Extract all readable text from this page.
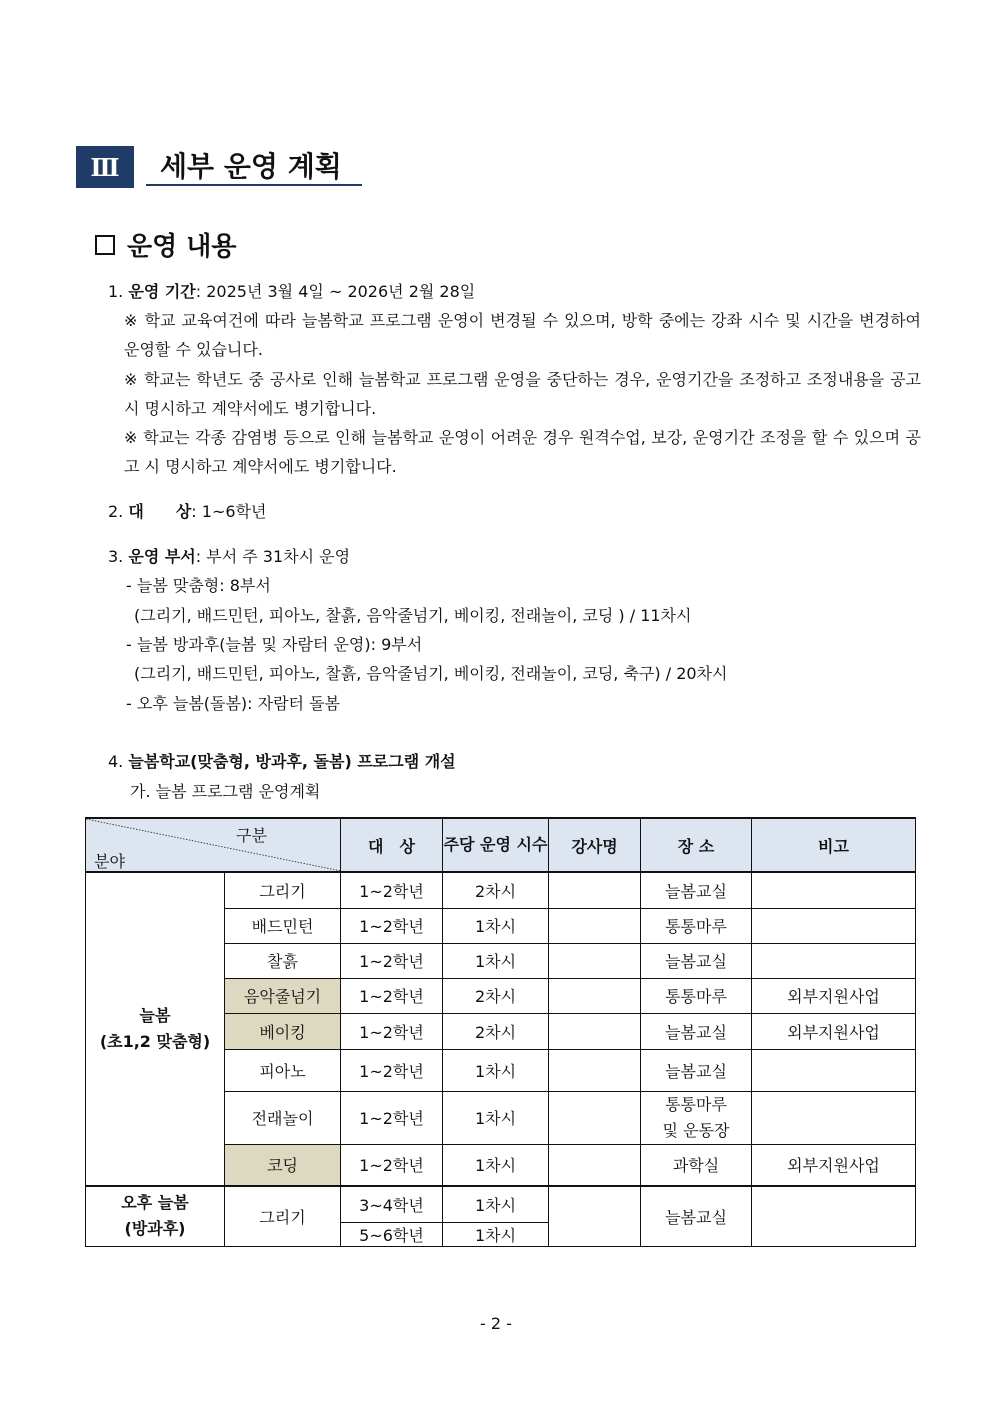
Ⅲ	세부 운영 계획
운영 내용
1. 운영 기간: 2025년 3월 4일 ~ 2026년 2월 28일
※ 학교 교육여건에 따라 늘봄학교 프로그램 운영이 변경될 수 있으며, 방학 중에는 강좌 시수 및 시간을 변경하여 운영할 수 있습니다.
※ 학교는 학년도 중 공사로 인해 늘봄학교 프로그램 운영을 중단하는 경우, 운영기간을 조정하고 조정내용을 공고 시 명시하고 계약서에도 병기합니다.
※ 학교는 각종 감염병 등으로 인해 늘봄학교 운영이 어려운 경우 원격수업, 보강, 운영기간 조정을 할 수 있으며 공고 시 명시하고 계약서에도 병기합니다.
2. 대　　상: 1~6학년
3. 운영 부서: 부서 주 31차시 운영
- 늘봄 맞춤형: 8부서
(그리기, 배드민턴, 피아노, 찰흙, 음악줄넘기, 베이킹, 전래놀이, 코딩 ) / 11차시
- 늘봄 방과후(늘봄 및 자람터 운영): 9부서
(그리기, 배드민턴, 피아노, 찰흙, 음악줄넘기, 베이킹, 전래놀이, 코딩, 축구) / 20차시
- 오후 늘봄(돌봄): 자람터 돌봄
4. 늘봄학교(맞춤형, 방과후, 돌봄) 프로그램 개설
가. 늘봄 프로그램 운영계획
구분
분야		대　상	주당 운영 시수	강사명	장 소	비고

늘봄
(초1,2 맞춤형)	그리기	1~2학년	2차시		늘봄교실	
	배드민턴	1~2학년	1차시		통통마루	
	찰흙	1~2학년	1차시		늘봄교실	
	음악줄넘기	1~2학년	2차시		통통마루	외부지원사업
	베이킹	1~2학년	2차시		늘봄교실	외부지원사업
	피아노	1~2학년	1차시		늘봄교실	
	전래놀이	1~2학년	1차시		통통마루 및 운동장	
	코딩	1~2학년	1차시		과학실	외부지원사업

오후 늘봄
(방과후)	그리기	3~4학년	1차시		늘봄교실	
		5~6학년	1차시			
- 2 -
